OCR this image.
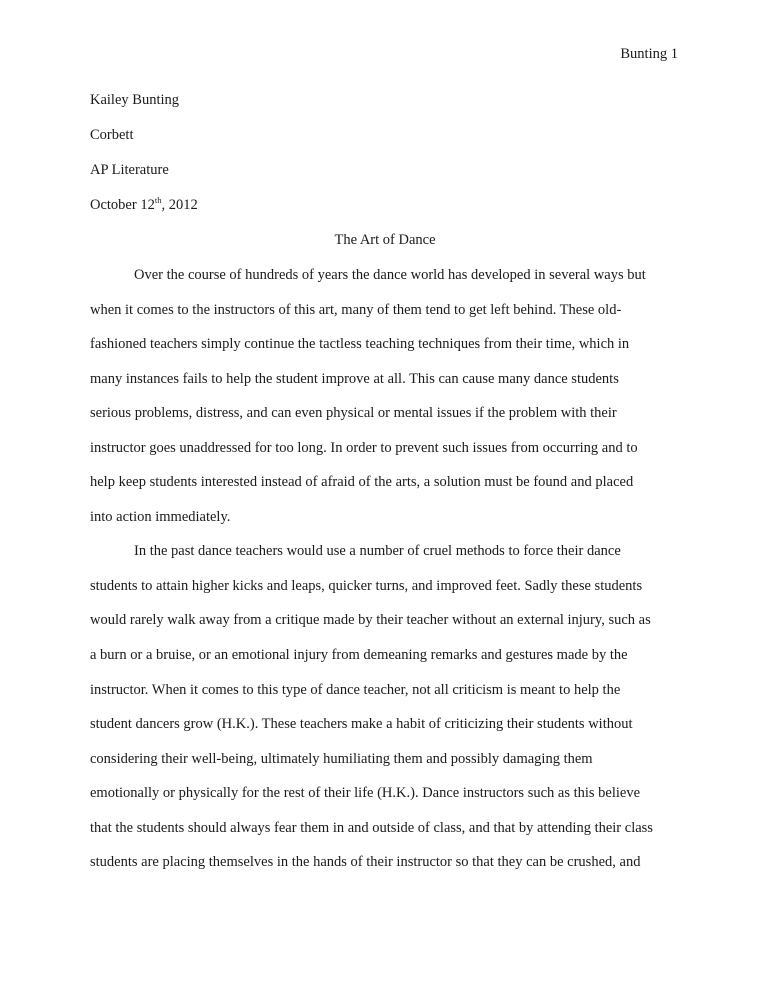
Bunting 1
Kailey Bunting
Corbett
AP Literature
October 12th, 2012
The Art of Dance
Over the course of hundreds of years the dance world has developed in several ways but
when it comes to the instructors of this art, many of them tend to get left behind. These old-
fashioned teachers simply continue the tactless teaching techniques from their time, which in
many instances fails to help the student improve at all. This can cause many dance students
serious problems, distress, and can even physical or mental issues if the problem with their
instructor goes unaddressed for too long. In order to prevent such issues from occurring and to
help keep students interested instead of afraid of the arts, a solution must be found and placed
into action immediately.
In the past dance teachers would use a number of cruel methods to force their dance
students to attain higher kicks and leaps, quicker turns, and improved feet. Sadly these students
would rarely walk away from a critique made by their teacher without an external injury, such as
a burn or a bruise, or an emotional injury from demeaning remarks and gestures made by the
instructor. When it comes to this type of dance teacher, not all criticism is meant to help the
student dancers grow (H.K.). These teachers make a habit of criticizing their students without
considering their well-being, ultimately humiliating them and possibly damaging them
emotionally or physically for the rest of their life (H.K.). Dance instructors such as this believe
that the students should always fear them in and outside of class, and that by attending their class
students are placing themselves in the hands of their instructor so that they can be crushed, and
